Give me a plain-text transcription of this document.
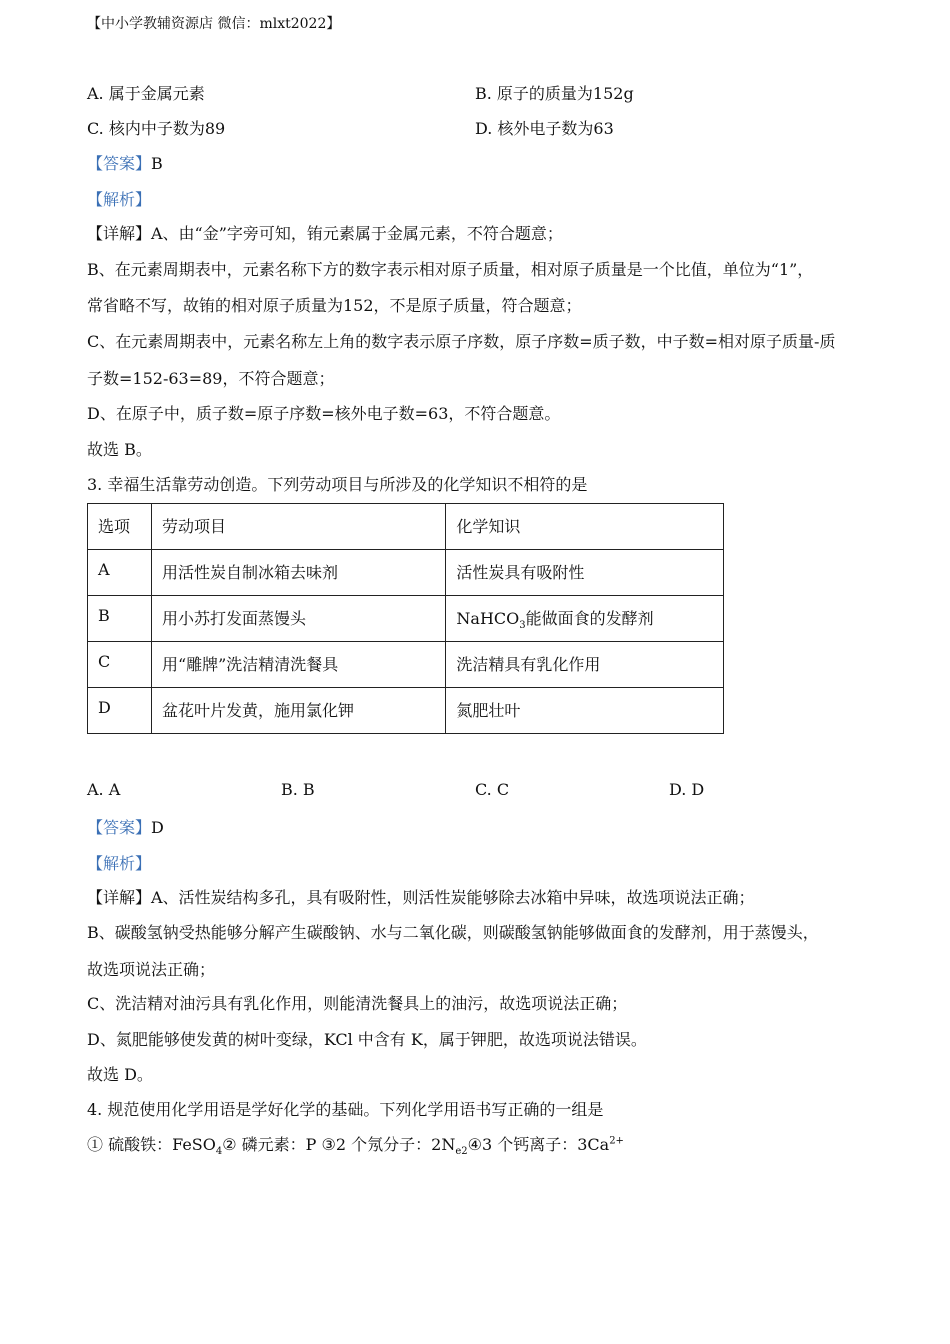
【中小学教辅资源店 微信：mlxt2022】
A. 属于金属元素	B. 原子的质量为152g
C. 核内中子数为89	D. 核外电子数为63
【答案】B
【解析】
【详解】A、由“金”字旁可知，铕元素属于金属元素，不符合题意；
B、在元素周期表中，元素名称下方的数字表示相对原子质量，相对原子质量是一个比值，单位为“1”，
常省略不写，故铕的相对原子质量为152，不是原子质量，符合题意；
C、在元素周期表中，元素名称左上角的数字表示原子序数，原子序数=质子数，中子数=相对原子质量-质
子数=152-63=89，不符合题意；
D、在原子中，质子数=原子序数=核外电子数=63，不符合题意。
故选 B。
3. 幸福生活靠劳动创造。下列劳动项目与所涉及的化学知识不相符的是
选项	劳动项目	化学知识
A	用活性炭自制冰箱去味剂	活性炭具有吸附性
B	用小苏打发面蒸馒头	NaHCO$_3$能做面食的发酵剂
C	用“雕牌”洗洁精清洗餐具	洗洁精具有乳化作用
D	盆花叶片发黄，施用氯化钾	氮肥壮叶
A. A	B. B	C. C	D. D
【答案】D
【解析】
【详解】A、活性炭结构多孔，具有吸附性，则活性炭能够除去冰箱中异味，故选项说法正确；
B、碳酸氢钠受热能够分解产生碳酸钠、水与二氧化碳，则碳酸氢钠能够做面食的发酵剂，用于蒸馒头，
故选项说法正确；
C、洗洁精对油污具有乳化作用，则能清洗餐具上的油污，故选项说法正确；
D、氮肥能够使发黄的树叶变绿，KCl 中含有 K，属于钾肥，故选项说法错误。
故选 D。
4. 规范使用化学用语是学好化学的基础。下列化学用语书写正确的一组是
① 硫酸铁：FeSO$_4$② 磷元素：P ③2 个氖分子：$2N_{e2}④3$ 个钙离子：$3Ca^{2+}$
